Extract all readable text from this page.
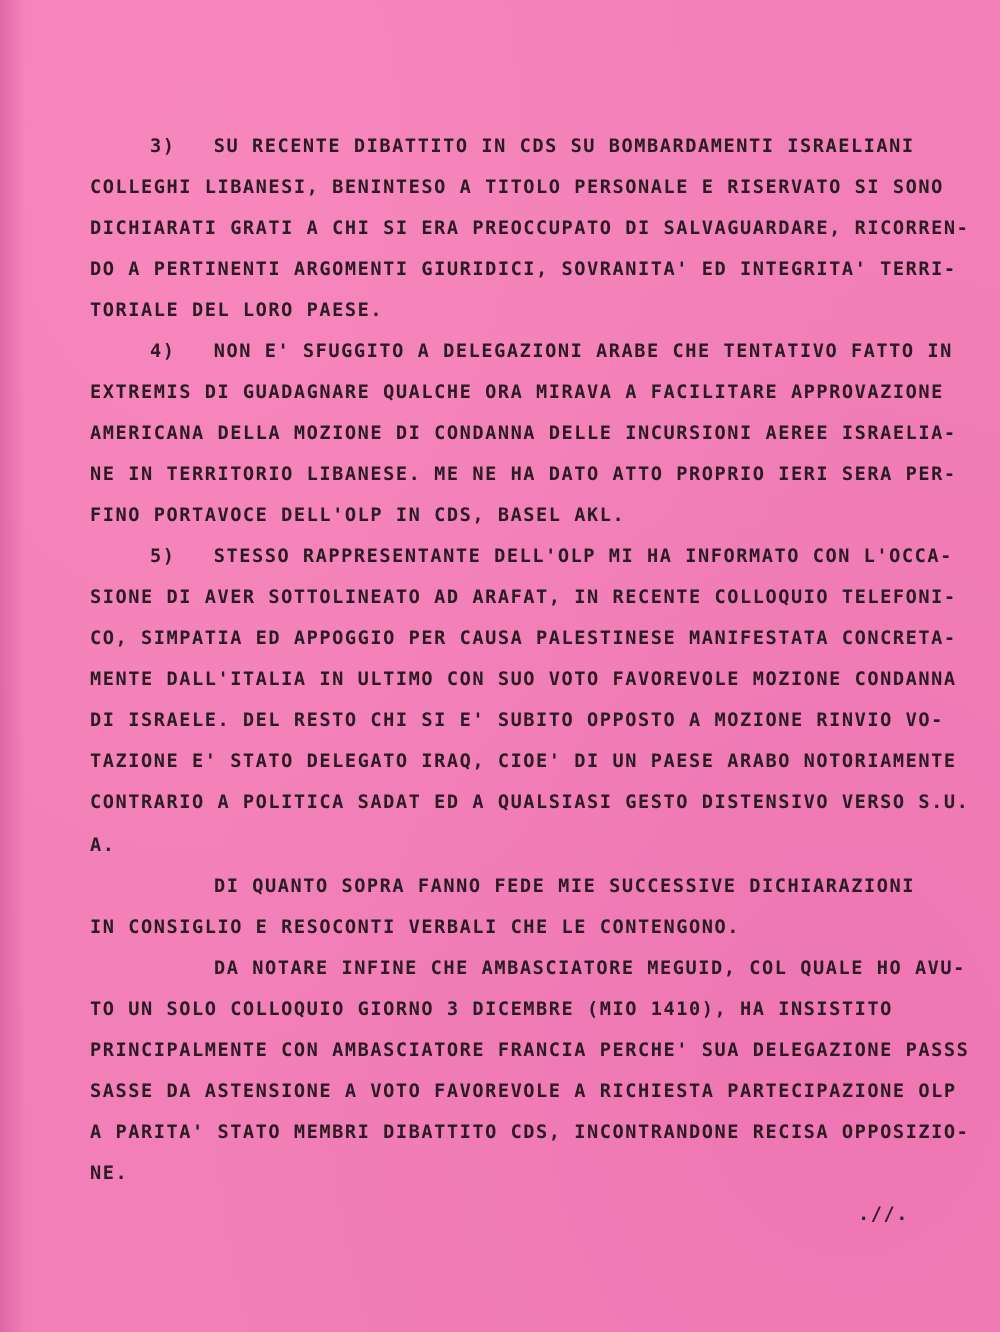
3)   SU RECENTE DIBATTITO IN CDS SU BOMBARDAMENTI ISRAELIANI
COLLEGHI LIBANESI, BENINTESO A TITOLO PERSONALE E RISERVATO SI SONO
DICHIARATI GRATI A CHI SI ERA PREOCCUPATO DI SALVAGUARDARE, RICORREN-
DO A PERTINENTI ARGOMENTI GIURIDICI, SOVRANITA' ED INTEGRITA' TERRI-
TORIALE DEL LORO PAESE.
4)   NON E' SFUGGITO A DELEGAZIONI ARABE CHE TENTATIVO FATTO IN
EXTREMIS DI GUADAGNARE QUALCHE ORA MIRAVA A FACILITARE APPROVAZIONE
AMERICANA DELLA MOZIONE DI CONDANNA DELLE INCURSIONI AEREE ISRAELIA-
NE IN TERRITORIO LIBANESE. ME NE HA DATO ATTO PROPRIO IERI SERA PER-
FINO PORTAVOCE DELL'OLP IN CDS, BASEL AKL.
5)   STESSO RAPPRESENTANTE DELL'OLP MI HA INFORMATO CON L'OCCA-
SIONE DI AVER SOTTOLINEATO AD ARAFAT, IN RECENTE COLLOQUIO TELEFONI-
CO, SIMPATIA ED APPOGGIO PER CAUSA PALESTINESE MANIFESTATA CONCRETA-
MENTE DALL'ITALIA IN ULTIMO CON SUO VOTO FAVOREVOLE MOZIONE CONDANNA
DI ISRAELE. DEL RESTO CHI SI E' SUBITO OPPOSTO A MOZIONE RINVIO VO-
TAZIONE E' STATO DELEGATO IRAQ, CIOE' DI UN PAESE ARABO NOTORIAMENTE
CONTRARIO A POLITICA SADAT ED A QUALSIASI GESTO DISTENSIVO VERSO S.U.
A.
DI QUANTO SOPRA FANNO FEDE MIE SUCCESSIVE DICHIARAZIONI
IN CONSIGLIO E RESOCONTI VERBALI CHE LE CONTENGONO.
DA NOTARE INFINE CHE AMBASCIATORE MEGUID, COL QUALE HO AVU-
TO UN SOLO COLLOQUIO GIORNO 3 DICEMBRE (MIO 1410), HA INSISTITO
PRINCIPALMENTE CON AMBASCIATORE FRANCIA PERCHE' SUA DELEGAZIONE PASSS
SASSE DA ASTENSIONE A VOTO FAVOREVOLE A RICHIESTA PARTECIPAZIONE OLP
A PARITA' STATO MEMBRI DIBATTITO CDS, INCONTRANDONE RECISA OPPOSIZIO-
NE.
.//.
